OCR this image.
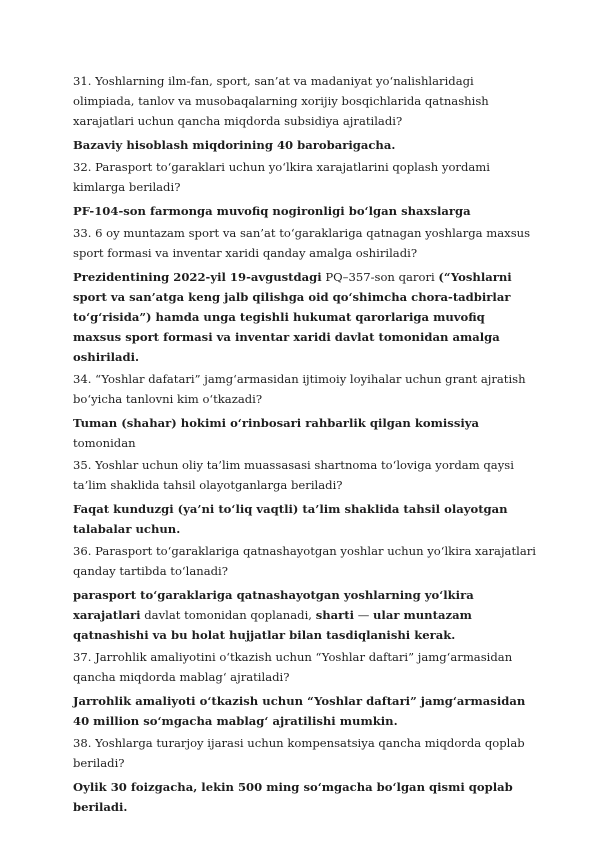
31. Yoshlarning ilm-fan, sport, san’at va madaniyat yo‘nalishlaridagi olimpiada, tanlov va musobaqalarning xorijiy bosqichlarida qatnashish xarajatlari uchun qancha miqdorda subsidiya ajratiladi?

Bazaviy hisoblash miqdorining 40 barobarigacha.

32. Parasport to‘garaklari uchun yo‘lkira xarajatlarini qoplash yordami kimlarga beriladi?

PF-104-son farmonga muvofiq nogironligi bo‘lgan shaxslarga

33. 6 oy muntazam sport va san’at to‘garaklariga qatnagan yoshlarga maxsus sport formasi va inventar xaridi qanday amalga oshiriladi?

Prezidentining 2022-yil 19-avgustdagi PQ–357-son qarori (“Yoshlarni sport va san’atga keng jalb qilishga oid qo‘shimcha chora-tadbirlar to‘g‘risida”) hamda unga tegishli hukumat qarorlariga muvofiq maxsus sport formasi va inventar xaridi davlat tomonidan amalga oshiriladi.

34. “Yoshlar dafatari” jamg‘armasidan ijtimoiy loyihalar uchun grant ajratish bo‘yicha tanlovni kim o‘tkazadi?

Tuman (shahar) hokimi o‘rinbosari rahbarlik qilgan komissiya tomonidan

35. Yoshlar uchun oliy ta’lim muassasasi shartnoma to‘loviga yordam qaysi ta’lim shaklida tahsil olayotganlarga beriladi?

Faqat kunduzgi (ya’ni to‘liq vaqtli) ta’lim shaklida tahsil olayotgan talabalar uchun.

36. Parasport to‘garaklariga qatnashayotgan yoshlar uchun yo‘lkira xarajatlari qanday tartibda to‘lanadi?

parasport to‘garaklariga qatnashayotgan yoshlarning yo‘lkira xarajatlari davlat tomonidan qoplanadi, sharti — ular muntazam qatnashishi va bu holat hujjatlar bilan tasdiqlanishi kerak.

37. Jarrohlik amaliyotini o‘tkazish uchun “Yoshlar daftari” jamg‘armasidan qancha miqdorda mablag‘ ajratiladi?

Jarrohlik amaliyoti o‘tkazish uchun “Yoshlar daftari” jamg‘armasidan 40 million so‘mgacha mablag‘ ajratilishi mumkin.

38. Yoshlarga turarjoy ijarasi uchun kompensatsiya qancha miqdorda qoplab beriladi?

Oylik 30 foizgacha, lekin 500 ming so‘mgacha bo‘lgan qismi qoplab beriladi.
